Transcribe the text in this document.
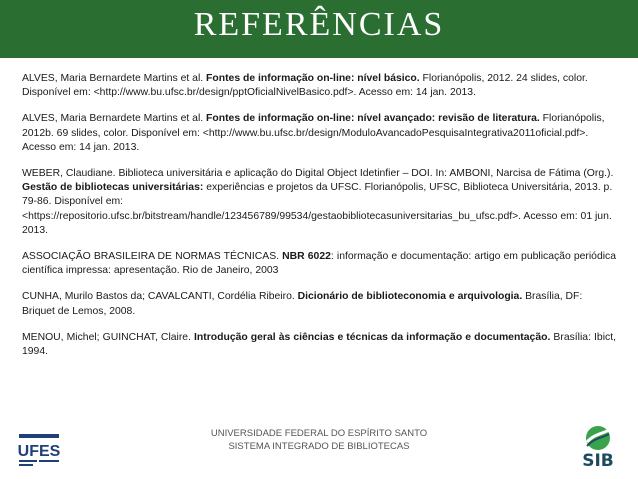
REFERÊNCIAS

ALVES, Maria Bernardete Martins et al. Fontes de informação on-line: nível básico. Florianópolis, 2012. 24 slides, color. Disponível em: <http://www.bu.ufsc.br/design/pptOficialNivelBasico.pdf>. Acesso em: 14 jan. 2013.

ALVES, Maria Bernardete Martins et al. Fontes de informação on-line: nível avançado: revisão de literatura. Florianópolis, 2012b. 69 slides, color. Disponível em: <http://www.bu.ufsc.br/design/ModuloAvancadoPesquisaIntegrativa2011oficial.pdf>. Acesso em: 14 jan. 2013.

WEBER, Claudiane. Biblioteca universitária e aplicação do Digital Object Idetinfier – DOI. In: AMBONI, Narcisa de Fátima (Org.). Gestão de bibliotecas universitárias: experiências e projetos da UFSC. Florianópolis, UFSC, Biblioteca Universitária, 2013. p. 79-86. Disponível em: <https://repositorio.ufsc.br/bitstream/handle/123456789/99534/gestaobibliotecasuniversitarias_bu_ufsc.pdf>. Acesso em: 01 jun. 2013.

ASSOCIAÇÃO BRASILEIRA DE NORMAS TÉCNICAS. NBR 6022: informação e documentação: artigo em publicação periódica científica impressa: apresentação. Rio de Janeiro, 2003

CUNHA, Murilo Bastos da; CAVALCANTI, Cordélia Ribeiro. Dicionário de biblioteconomia e arquivologia. Brasília, DF: Briquet de Lemos, 2008.

MENOU, Michel; GUINCHAT, Claire. Introdução geral às ciências e técnicas da informação e documentação. Brasília: Ibict, 1994.

UFES
UNIVERSIDADE FEDERAL DO ESPÍRITO SANTO
SISTEMA INTEGRADO DE BIBLIOTECAS
SIB
